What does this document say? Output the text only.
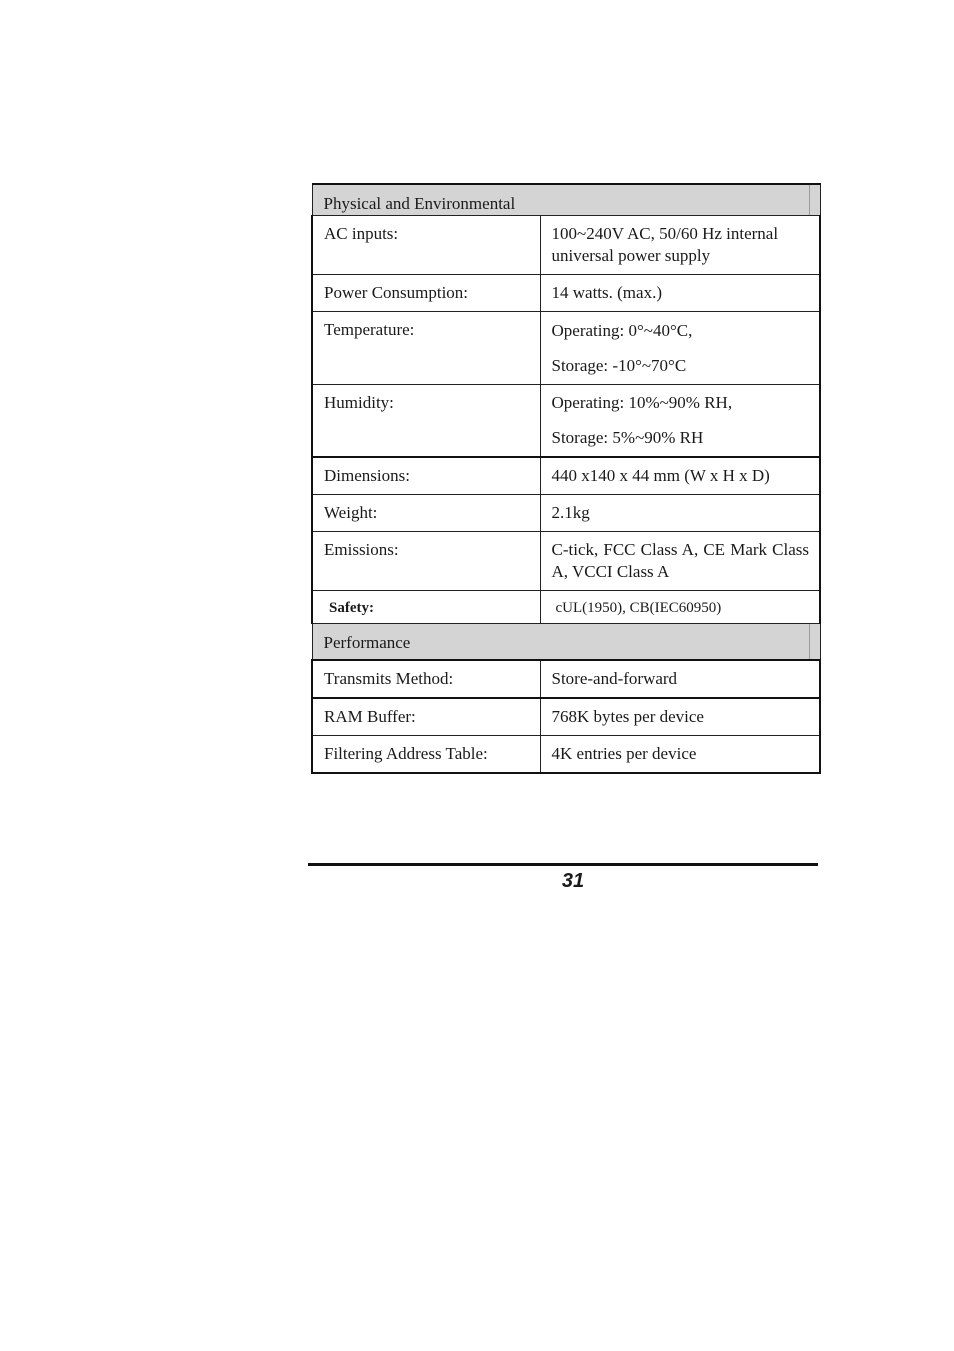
Physical and Environmental	
AC inputs:	100~240V AC, 50/60 Hz internal universal power supply

Power Consumption:	14 watts. (max.)

Temperature:	Operating: 0°~40°C,
Storage: -10°~70°C

Humidity:	Operating: 10%~90% RH,
Storage: 5%~90% RH

Dimensions:	440 x140 x 44 mm (W x H x D)

Weight:	2.1kg

Emissions:	C-tick, FCC Class A, CE Mark Class A, VCCI Class A

Safety:	cUL(1950), CB(IEC60950)

Performance	
Transmits Method:	Store-and-forward

RAM Buffer:	768K bytes per device

Filtering Address Table:	4K entries per device
31
